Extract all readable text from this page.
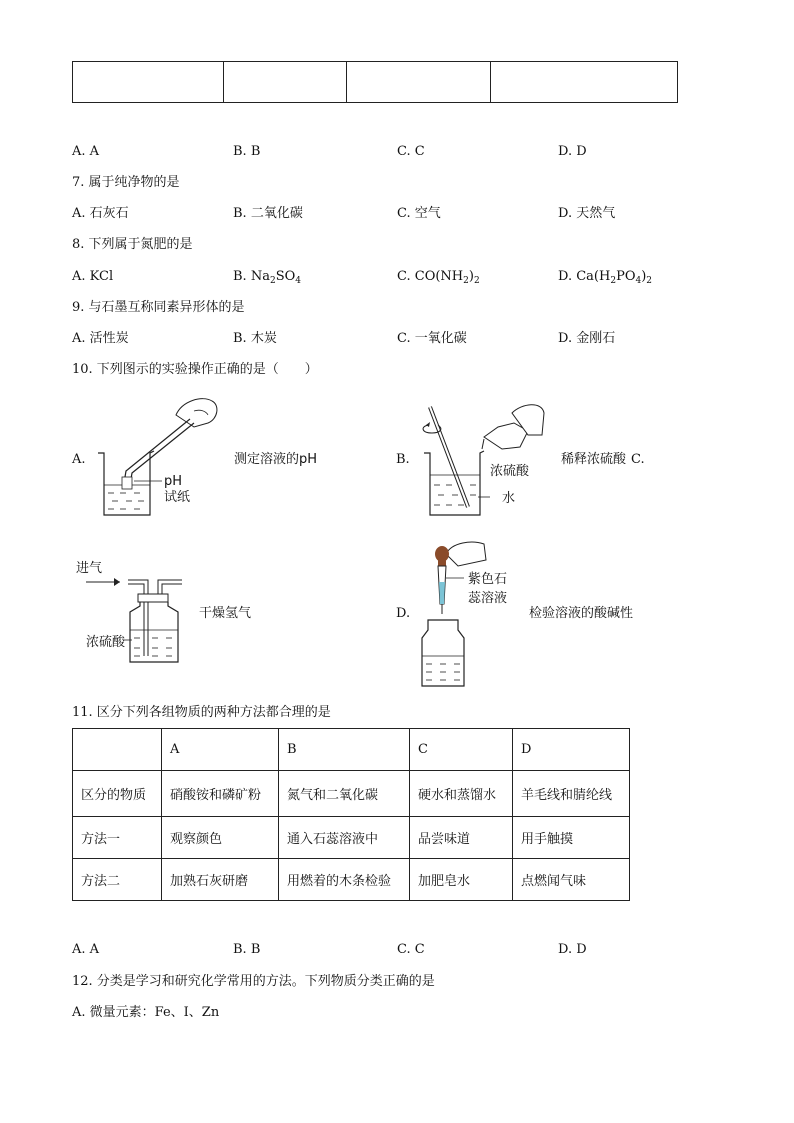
A. A	B. B	C. C	D. D
7. 属于纯净物的是
A. 石灰石	B. 二氧化碳	C. 空气	D. 天然气
8. 下列属于氮肥的是
A. KCl	B. $Na_2SO_4$	C. $CO(NH_2)_2$	D. $Ca(H_2PO_4)_2$
9. 与石墨互称同素异形体的是
A. 活性炭	B. 木炭	C. 一氧化碳	D. 金刚石
10. 下列图示的实验操作正确的是（　　）
A.
pH
试纸
测定溶液的pH	B.
浓硫酸
水
稀释浓硫酸 C.
进气
浓硫酸
干燥氢气	D.
紫色石
蕊溶液
检验溶液的酸碱性
11. 区分下列各组物质的两种方法都合理的是
	A	B	C	D
区分的物质	硝酸铵和磷矿粉	氮气和二氧化碳	硬水和蒸馏水	羊毛线和腈纶线
方法一	观察颜色	通入石蕊溶液中	品尝味道	用手触摸
方法二	加熟石灰研磨	用燃着的木条检验	加肥皂水	点燃闻气味
A. A	B. B	C. C	D. D
12. 分类是学习和研究化学常用的方法。下列物质分类正确的是
A. 微量元素：Fe、I、Zn
